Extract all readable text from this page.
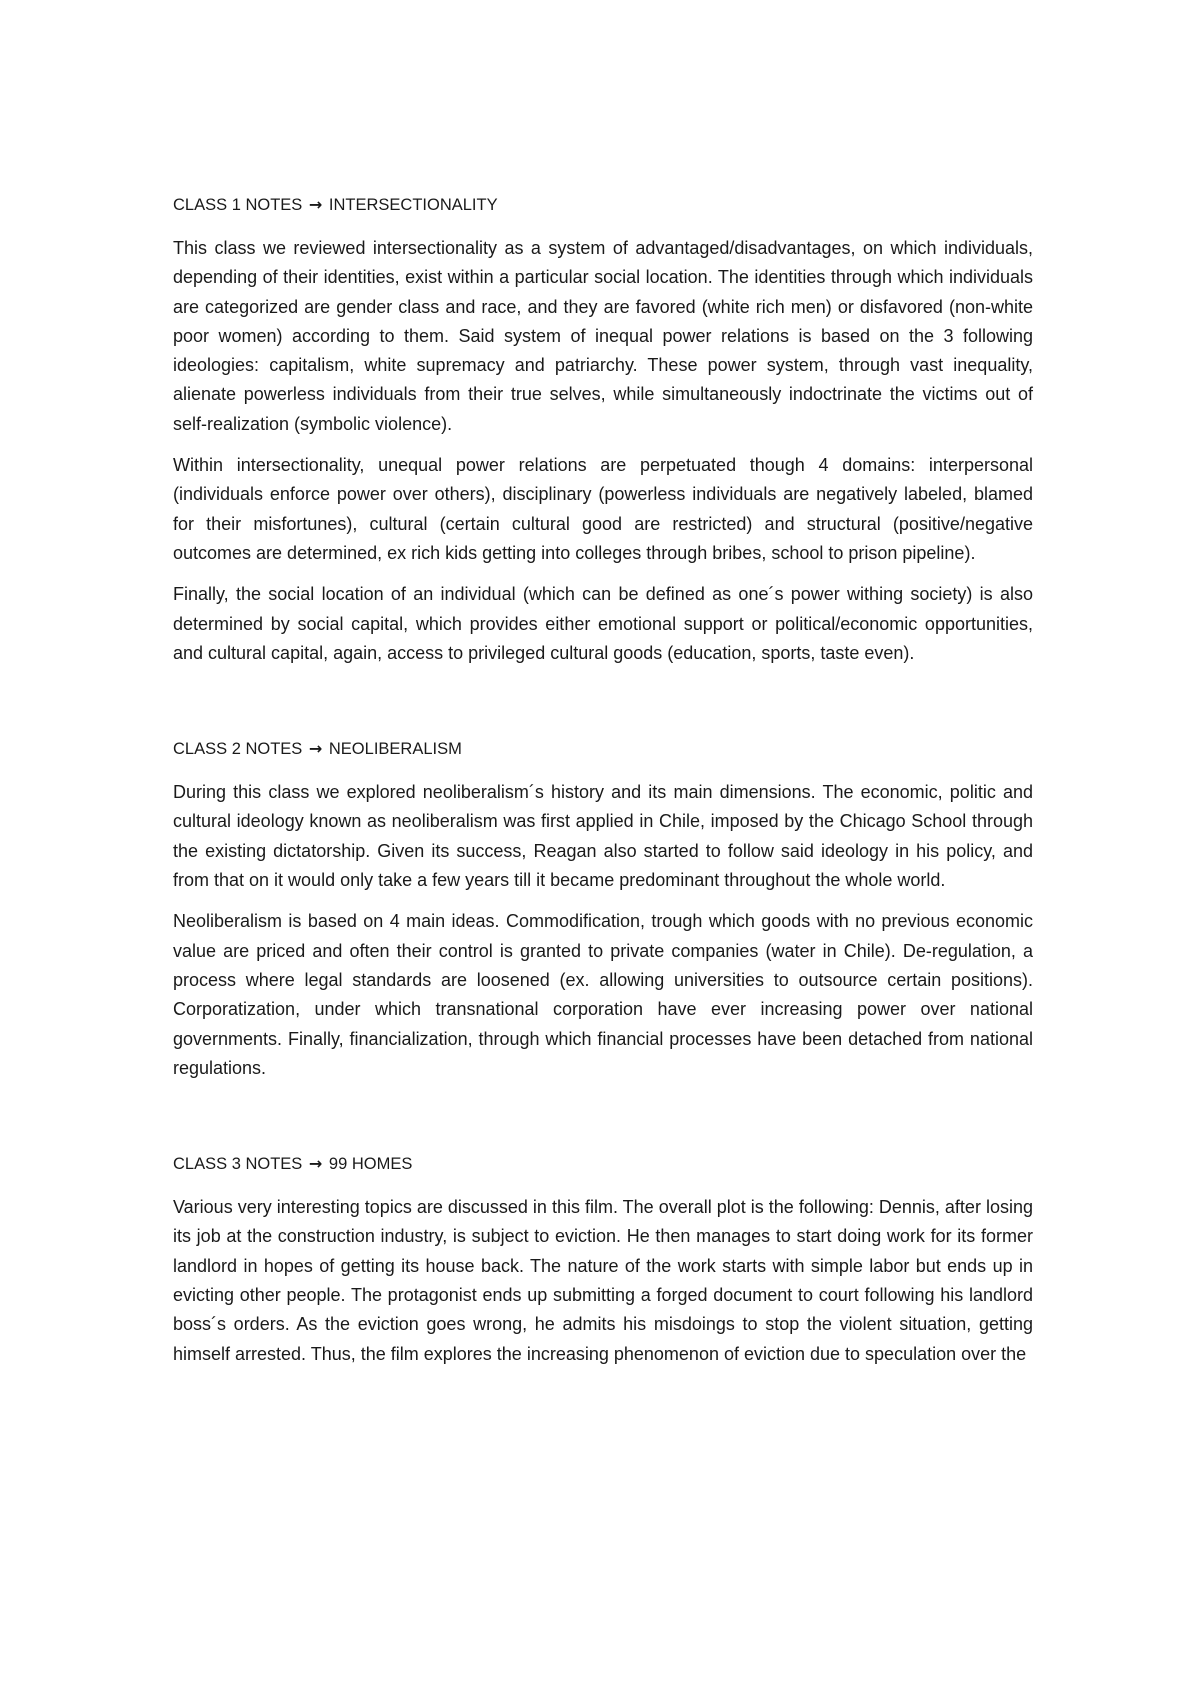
CLASS 1 NOTES → INTERSECTIONALITY

This class we reviewed intersectionality as a system of advantaged/disadvantages, on which individuals, depending of their identities, exist within a particular social location. The identities through which individuals are categorized are gender class and race, and they are favored (white rich men) or disfavored (non-white poor women) according to them. Said system of inequal power relations is based on the 3 following ideologies: capitalism, white supremacy and patriarchy. These power system, through vast inequality, alienate powerless individuals from their true selves, while simultaneously indoctrinate the victims out of self-realization (symbolic violence).

Within intersectionality, unequal power relations are perpetuated though 4 domains: interpersonal (individuals enforce power over others), disciplinary (powerless individuals are negatively labeled, blamed for their misfortunes), cultural (certain cultural good are restricted) and structural (positive/negative outcomes are determined, ex rich kids getting into colleges through bribes, school to prison pipeline).

Finally, the social location of an individual (which can be defined as one´s power withing society) is also determined by social capital, which provides either emotional support or political/economic opportunities, and cultural capital, again, access to privileged cultural goods (education, sports, taste even).

CLASS 2 NOTES → NEOLIBERALISM

During this class we explored neoliberalism´s history and its main dimensions. The economic, politic and cultural ideology known as neoliberalism was first applied in Chile, imposed by the Chicago School through the existing dictatorship. Given its success, Reagan also started to follow said ideology in his policy, and from that on it would only take a few years till it became predominant throughout the whole world.

Neoliberalism is based on 4 main ideas. Commodification, trough which goods with no previous economic value are priced and often their control is granted to private companies (water in Chile). De-regulation, a process where legal standards are loosened (ex. allowing universities to outsource certain positions). Corporatization, under which transnational corporation have ever increasing power over national governments. Finally, financialization, through which financial processes have been detached from national regulations.

CLASS 3 NOTES → 99 HOMES

Various very interesting topics are discussed in this film. The overall plot is the following: Dennis, after losing its job at the construction industry, is subject to eviction. He then manages to start doing work for its former landlord in hopes of getting its house back. The nature of the work starts with simple labor but ends up in evicting other people. The protagonist ends up submitting a forged document to court following his landlord boss´s orders. As the eviction goes wrong, he admits his misdoings to stop the violent situation, getting himself arrested. Thus, the film explores the increasing phenomenon of eviction due to speculation over the
